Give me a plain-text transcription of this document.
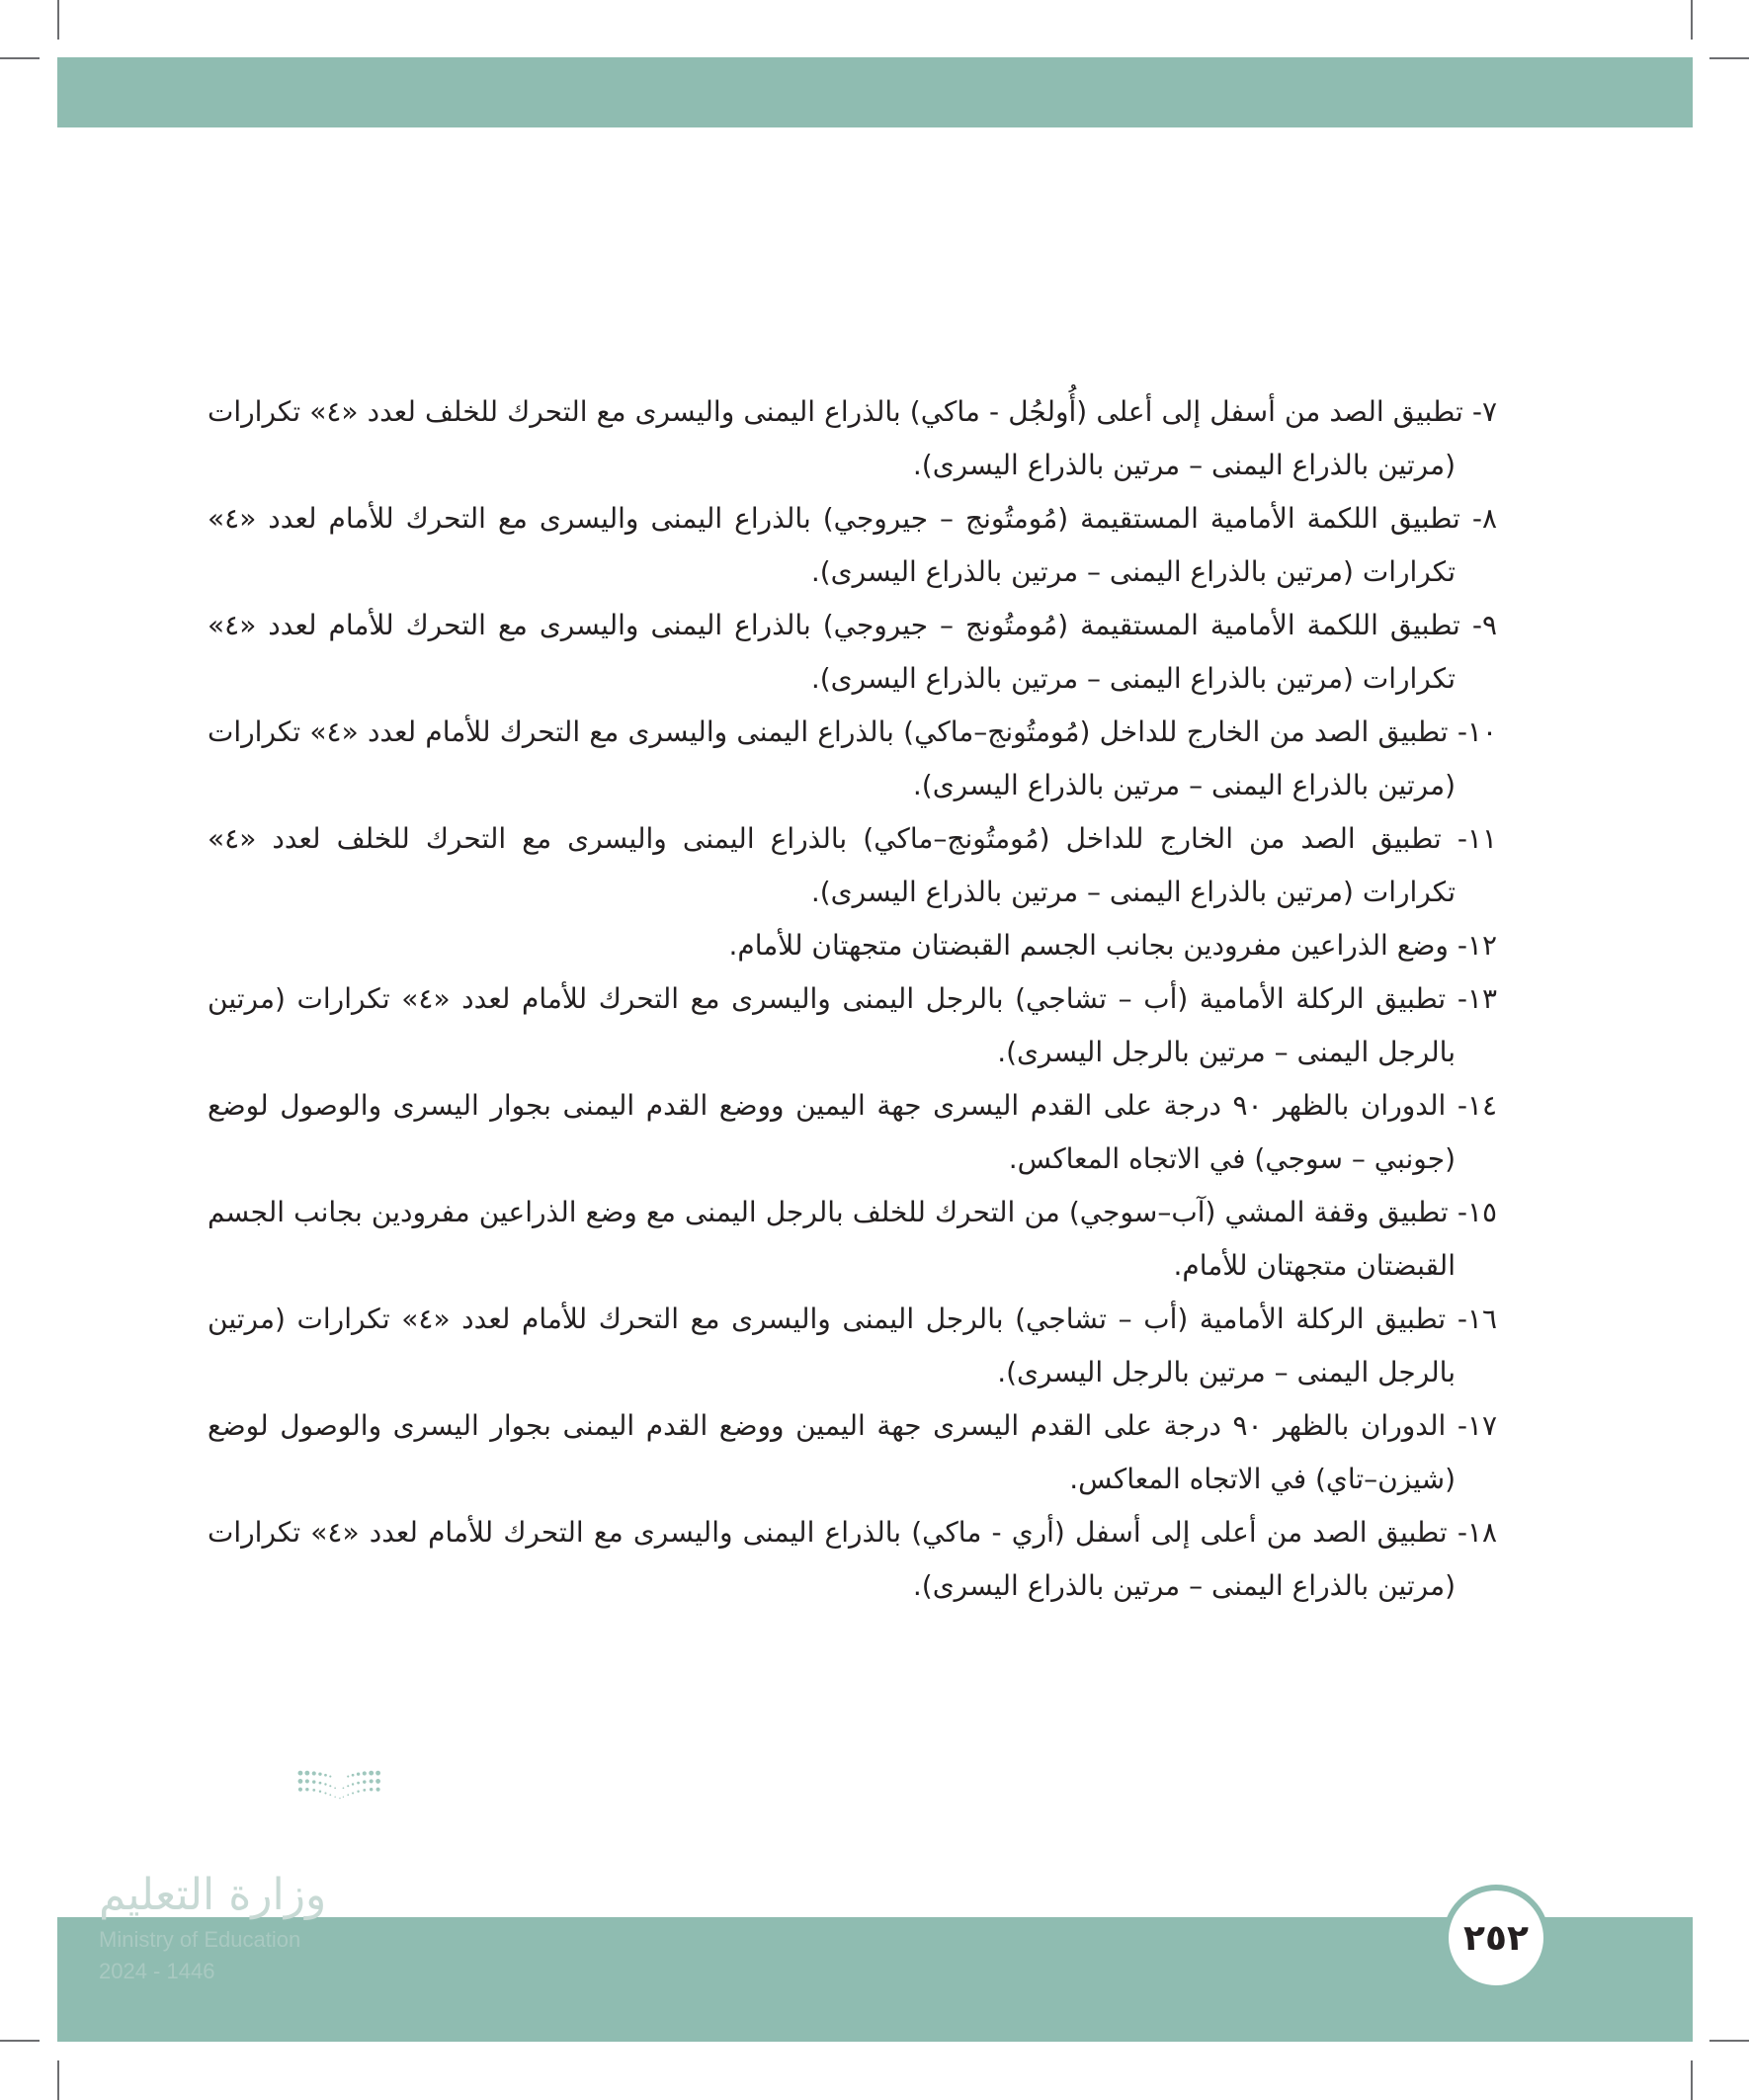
٧- تطبيق الصد من أسفل إلى أعلى (أُولجُل - ماكي) بالذراع اليمنى واليسرى مع التحرك للخلف لعدد «٤» تكرارات (مرتين بالذراع اليمنى – مرتين بالذراع اليسرى).

٨- تطبيق اللكمة الأمامية المستقيمة (مُومتُونج – جيروجي) بالذراع اليمنى واليسرى مع التحرك للأمام لعدد «٤» تكرارات (مرتين بالذراع اليمنى – مرتين بالذراع اليسرى).

٩- تطبيق اللكمة الأمامية المستقيمة (مُومتُونج – جيروجي) بالذراع اليمنى واليسرى مع التحرك للأمام لعدد «٤» تكرارات (مرتين بالذراع اليمنى – مرتين بالذراع اليسرى).

١٠- تطبيق الصد من الخارج للداخل (مُومتُونج–ماكي) بالذراع اليمنى واليسرى مع التحرك للأمام لعدد «٤» تكرارات (مرتين بالذراع اليمنى – مرتين بالذراع اليسرى).

١١- تطبيق الصد من الخارج للداخل (مُومتُونج–ماكي) بالذراع اليمنى واليسرى مع التحرك للخلف لعدد «٤» تكرارات (مرتين بالذراع اليمنى – مرتين بالذراع اليسرى).

١٢- وضع الذراعين مفرودين بجانب الجسم القبضتان متجهتان للأمام.

١٣- تطبيق الركلة الأمامية (أب – تشاجي) بالرجل اليمنى واليسرى مع التحرك للأمام لعدد «٤» تكرارات (مرتين بالرجل اليمنى – مرتين بالرجل اليسرى).

١٤- الدوران بالظهر ٩٠ درجة على القدم اليسرى جهة اليمين ووضع القدم اليمنى بجوار اليسرى والوصول لوضع (جونبي – سوجي) في الاتجاه المعاكس.

١٥- تطبيق وقفة المشي (آب–سوجي) من التحرك للخلف بالرجل اليمنى مع وضع الذراعين مفرودين بجانب الجسم القبضتان متجهتان للأمام.

١٦- تطبيق الركلة الأمامية (أب – تشاجي) بالرجل اليمنى واليسرى مع التحرك للأمام لعدد «٤» تكرارات (مرتين بالرجل اليمنى – مرتين بالرجل اليسرى).

١٧- الدوران بالظهر ٩٠ درجة على القدم اليسرى جهة اليمين ووضع القدم اليمنى بجوار اليسرى والوصول لوضع (شيزن–تاي) في الاتجاه المعاكس.

١٨- تطبيق الصد من أعلى إلى أسفل (أري - ماكي) بالذراع اليمنى واليسرى مع التحرك للأمام لعدد «٤» تكرارات (مرتين بالذراع اليمنى – مرتين بالذراع اليسرى).

وزارة التعليم
Ministry of Education
2024 - 1446
٢٥٢
